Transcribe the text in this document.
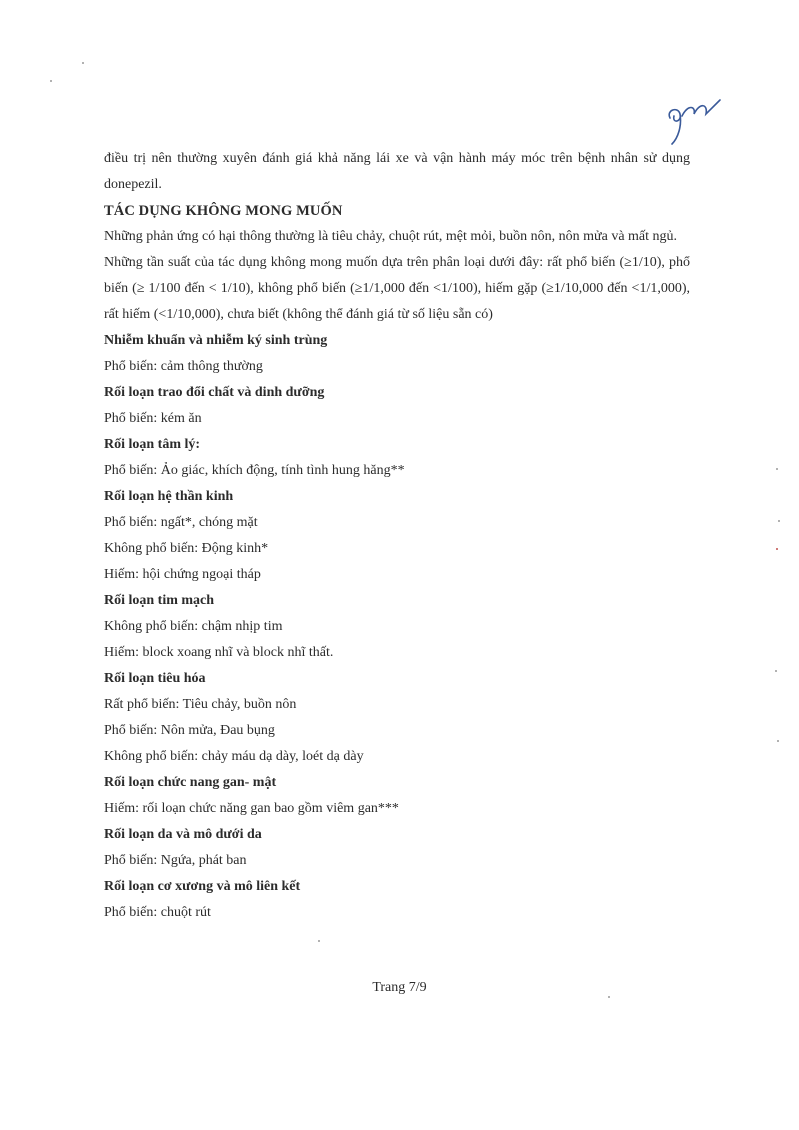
điều trị nên thường xuyên đánh giá khả năng lái xe và vận hành máy móc trên bệnh nhân sử dụng donepezil.

TÁC DỤNG KHÔNG MONG MUỐN

Những phản ứng có hại thông thường là tiêu chảy, chuột rút, mệt mỏi, buồn nôn, nôn mửa và mất ngủ.

Những tần suất của tác dụng không mong muốn dựa trên phân loại dưới đây: rất phổ biến (≥1/10), phổ biến (≥ 1/100 đến < 1/10), không phổ biến (≥1/1,000 đến <1/100), hiếm gặp (≥1/10,000 đến <1/1,000), rất hiếm (<1/10,000), chưa biết (không thể đánh giá từ số liệu sẵn có)

Nhiễm khuẩn và nhiễm ký sinh trùng

Phổ biến: cảm thông thường

Rối loạn trao đổi chất và dinh dưỡng

Phổ biến: kém ăn

Rối loạn tâm lý:

Phổ biến: Ảo giác, khích động, tính tình hung hăng**

Rối loạn hệ thần kinh

Phổ biến: ngất*, chóng mặt

Không phổ biến: Động kinh*

Hiếm: hội chứng ngoại tháp

Rối loạn tim mạch

Không phổ biến: chậm nhịp tim

Hiếm: block xoang nhĩ và block nhĩ thất.

Rối loạn tiêu hóa

Rất phổ biến: Tiêu chảy, buồn nôn

Phổ biến: Nôn mửa, Đau bụng

Không phổ biến: chảy máu dạ dày, loét dạ dày

Rối loạn chức nang gan- mật

Hiếm: rối loạn chức năng gan bao gồm viêm gan***

Rối loạn da và mô dưới da

Phổ biến: Ngứa, phát ban

Rối loạn cơ xương và mô liên kết

Phổ biến: chuột rút

Trang 7/9
